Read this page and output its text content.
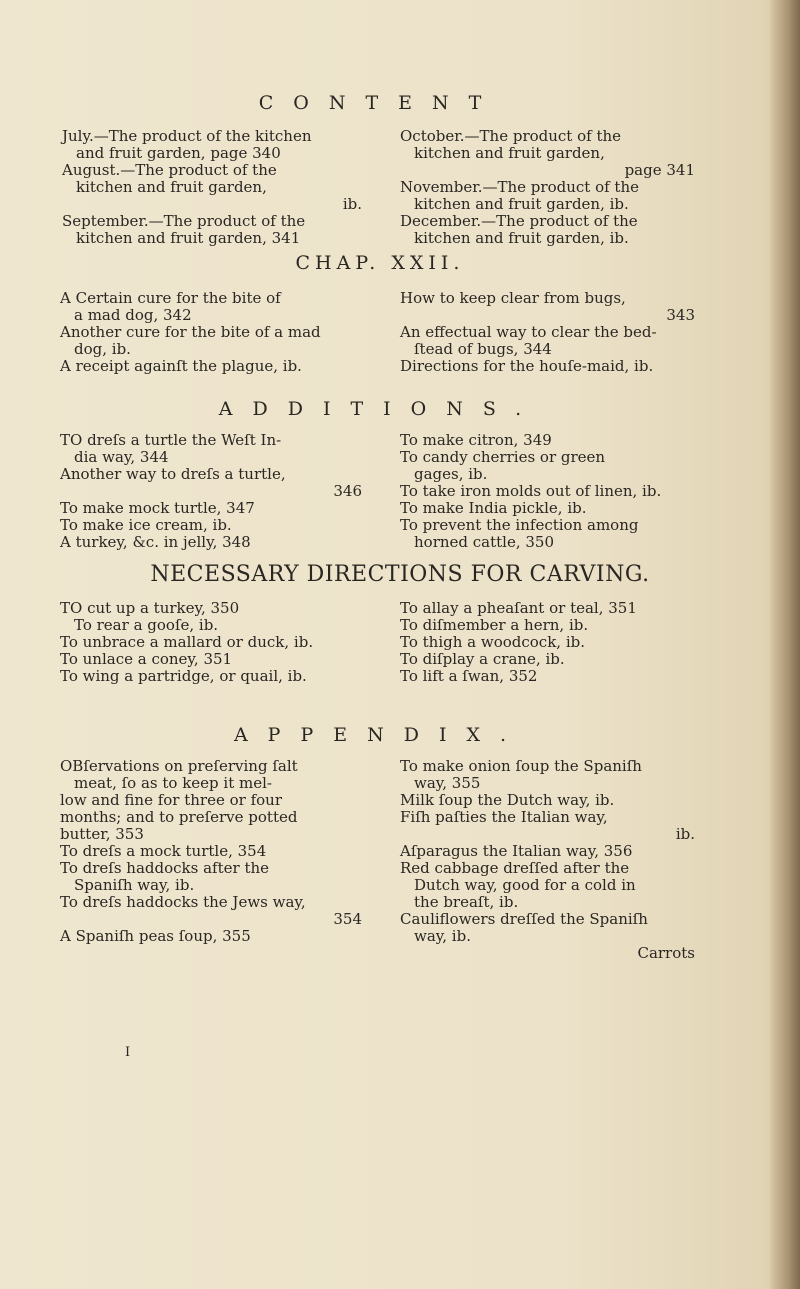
CONTENT
July.—The product of the kitchen
and fruit garden, page 340
August.—The product of the
kitchen and fruit garden,
ib.
September.—The product of the
kitchen and fruit garden, 341
October.—The product of the
kitchen and fruit garden,
page 341
November.—The product of the
kitchen and fruit garden, ib.
December.—The product of the
kitchen and fruit garden, ib.
CHAP. XXII.
A Certain cure for the bite of
a mad dog, 342
Another cure for the bite of a mad
dog, ib.
A receipt againſt the plague, ib.
How to keep clear from bugs,
343
An effectual way to clear the bed-
ſtead of bugs, 344
Directions for the houſe-maid, ib.
ADDITIONS.
TO dreſs a turtle the Weſt In-
dia way, 344
Another way to dreſs a turtle,
346
To make mock turtle, 347
To make ice cream, ib.
A turkey, &c. in jelly, 348
To make citron, 349
To candy cherries or green
gages, ib.
To take iron molds out of linen, ib.
To make India pickle, ib.
To prevent the infection among
horned cattle, 350
NECESSARY DIRECTIONS FOR CARVING.
TO cut up a turkey, 350
To rear a gooſe, ib.
To unbrace a mallard or duck, ib.
To unlace a coney, 351
To wing a partridge, or quail, ib.
To allay a pheaſant or teal, 351
To diſmember a hern, ib.
To thigh a woodcock, ib.
To diſplay a crane, ib.
To lift a ſwan, 352
APPENDIX.
OBſervations on preſerving ſalt
meat, ſo as to keep it mel-
low and fine for three or four
months; and to preſerve potted
butter, 353
To dreſs a mock turtle, 354
To dreſs haddocks after the
Spaniſh way, ib.
To dreſs haddocks the Jews way,
354
A Spaniſh peas ſoup, 355
To make onion ſoup the Spaniſh
way, 355
Milk ſoup the Dutch way, ib.
Fiſh paſties the Italian way,
ib.
Aſparagus the Italian way, 356
Red cabbage dreſſed after the
Dutch way, good for a cold in
the breaſt, ib.
Cauliflowers dreſſed the Spaniſh
way, ib.
Carrots
I
